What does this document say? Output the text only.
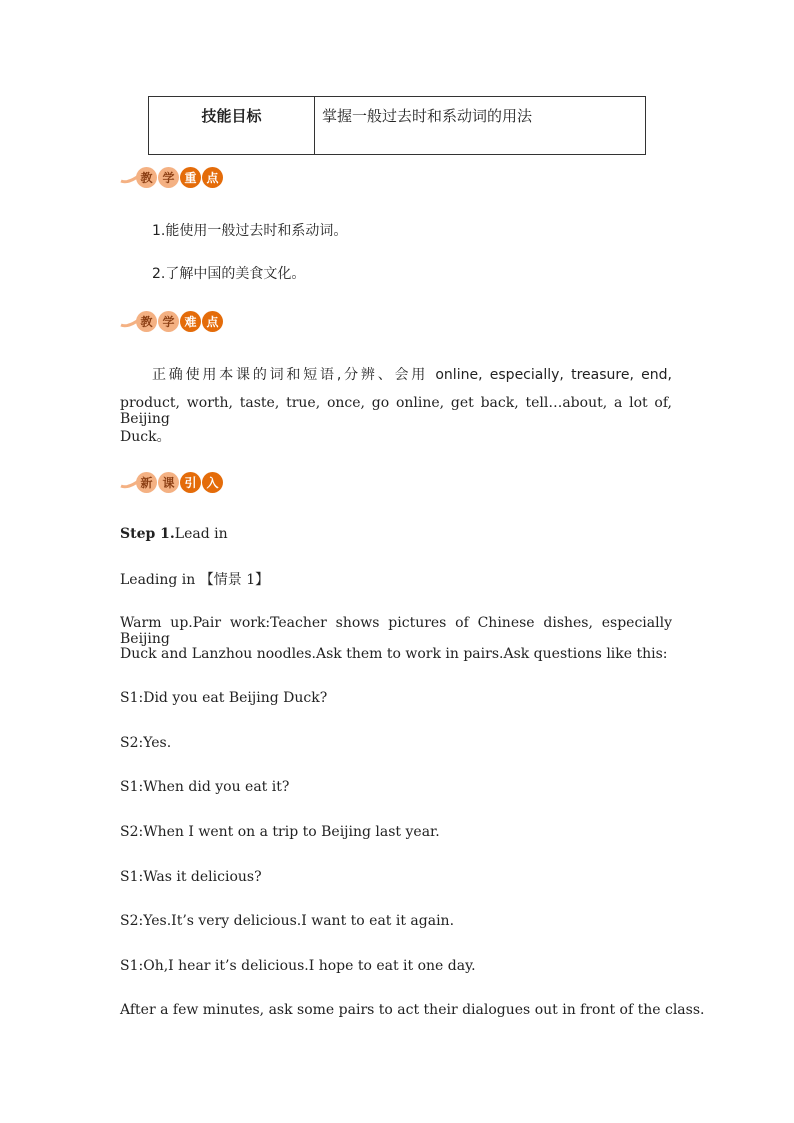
技能目标	掌握一般过去时和系动词的用法
教 学 重 点
1.能使用一般过去时和系动词。
2.了解中国的美食文化。
教 学 难 点
正确使用本课的词和短语,分辨、会用 online, especially, treasure, end,
product, worth, taste, true, once, go online, get back, tell…about, a lot of, Beijing
Duck。
新 课 引 入
Step 1.Lead in
Leading in 【情景 1】
Warm up.Pair work:Teacher shows pictures of Chinese dishes, especially Beijing
Duck and Lanzhou noodles.Ask them to work in pairs.Ask questions like this:
S1:Did you eat Beijing Duck?
S2:Yes.
S1:When did you eat it?
S2:When I went on a trip to Beijing last year.
S1:Was it delicious?
S2:Yes.It’s very delicious.I want to eat it again.
S1:Oh,I hear it’s delicious.I hope to eat it one day.
After a few minutes, ask some pairs to act their dialogues out in front of the class.
